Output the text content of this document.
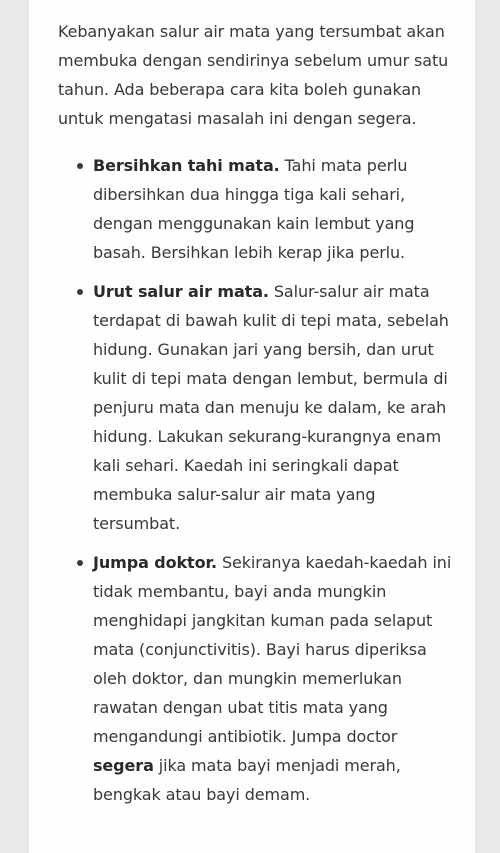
Kebanyakan salur air mata yang tersumbat akan membuka dengan sendirinya sebelum umur satu tahun. Ada beberapa cara kita boleh gunakan untuk mengatasi masalah ini dengan segera.

Bersihkan tahi mata. Tahi mata perlu dibersihkan dua hingga tiga kali sehari, dengan menggunakan kain lembut yang basah. Bersihkan lebih kerap jika perlu.
Urut salur air mata. Salur-salur air mata terdapat di bawah kulit di tepi mata, sebelah hidung. Gunakan jari yang bersih, dan urut kulit di tepi mata dengan lembut, bermula di penjuru mata dan menuju ke dalam, ke arah hidung. Lakukan sekurang-kurangnya enam kali sehari. Kaedah ini seringkali dapat membuka salur-salur air mata yang tersumbat.
Jumpa doktor. Sekiranya kaedah-kaedah ini tidak membantu, bayi anda mungkin menghidapi jangkitan kuman pada selaput mata (conjunctivitis). Bayi harus diperiksa oleh doktor, dan mungkin memerlukan rawatan dengan ubat titis mata yang mengandungi antibiotik. Jumpa doctor segera jika mata bayi menjadi merah, bengkak atau bayi demam.
